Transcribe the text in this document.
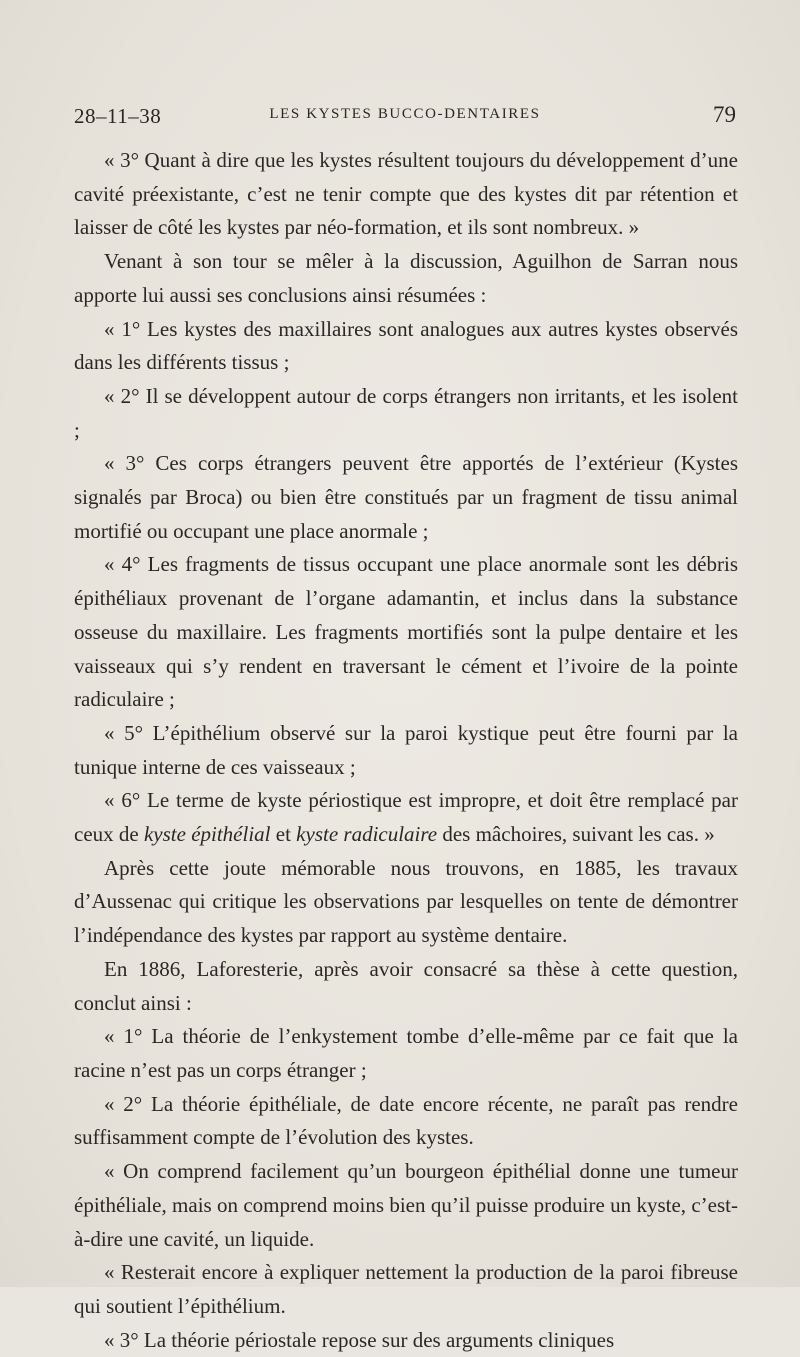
28–11–38	LES KYSTES BUCCO-DENTAIRES	79

« 3° Quant à dire que les kystes résultent toujours du développement d’une cavité préexistante, c’est ne tenir compte que des kystes dit par rétention et laisser de côté les kystes par néo-formation, et ils sont nombreux. »

Venant à son tour se mêler à la discussion, Aguilhon de Sarran nous apporte lui aussi ses conclusions ainsi résumées :

« 1° Les kystes des maxillaires sont analogues aux autres kystes observés dans les différents tissus ;

« 2° Il se développent autour de corps étrangers non irritants, et les isolent ;

« 3° Ces corps étrangers peuvent être apportés de l’extérieur (Kystes signalés par Broca) ou bien être constitués par un fragment de tissu animal mortifié ou occupant une place anormale ;

« 4° Les fragments de tissus occupant une place anormale sont les débris épithéliaux provenant de l’organe adamantin, et inclus dans la substance osseuse du maxillaire. Les fragments mortifiés sont la pulpe dentaire et les vaisseaux qui s’y rendent en traversant le cément et l’ivoire de la pointe radiculaire ;

« 5° L’épithélium observé sur la paroi kystique peut être fourni par la tunique interne de ces vaisseaux ;

« 6° Le terme de kyste périostique est impropre, et doit être remplacé par ceux de kyste épithélial et kyste radiculaire des mâchoires, suivant les cas. »

Après cette joute mémorable nous trouvons, en 1885, les travaux d’Aussenac qui critique les observations par lesquelles on tente de démontrer l’indépendance des kystes par rapport au système dentaire.

En 1886, Laforesterie, après avoir consacré sa thèse à cette question, conclut ainsi :

« 1° La théorie de l’enkystement tombe d’elle-même par ce fait que la racine n’est pas un corps étranger ;

« 2° La théorie épithéliale, de date encore récente, ne paraît pas rendre suffisamment compte de l’évolution des kystes.

« On comprend facilement qu’un bourgeon épithélial donne une tumeur épithéliale, mais on comprend moins bien qu’il puisse produire un kyste, c’est-à-dire une cavité, un liquide.

« Resterait encore à expliquer nettement la production de la paroi fibreuse qui soutient l’épithélium.

« 3° La théorie périostale repose sur des arguments cliniques
